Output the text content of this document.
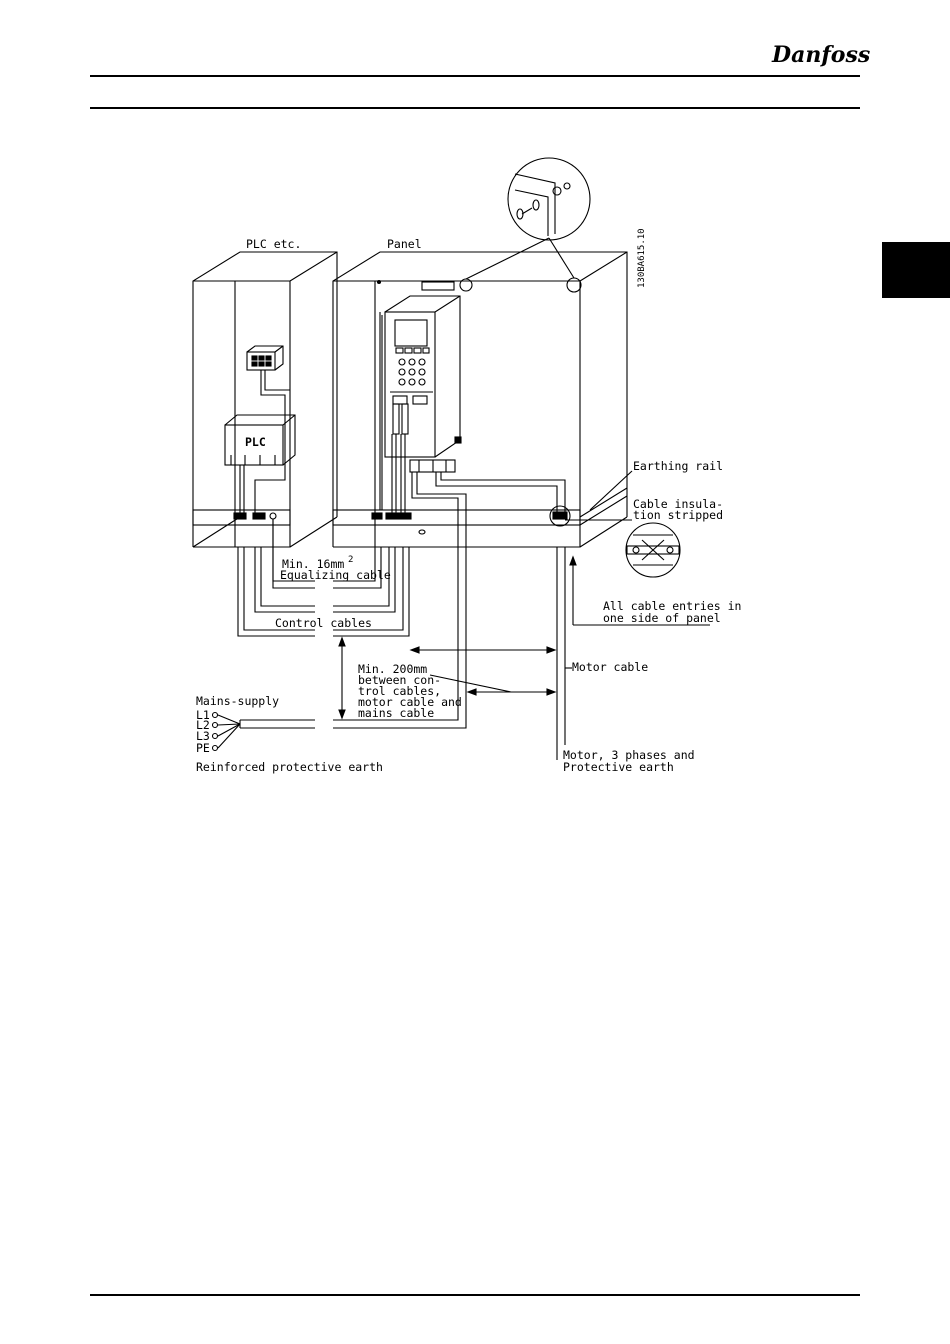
Danfoss
130BA615.10
PLC etc.	Panel
PLC
Earthing rail
Cable insula-
tion stripped
Min. 16mm 2
Equalizing cable
Control cables
All cable entries in
one side of panel
Motor cable
Min. 200mm
between con-
trol cables,
motor cable and
mains cable
Mains-supply
L1
L2
L3
PE
Reinforced protective earth
Motor, 3 phases and
Protective earth
